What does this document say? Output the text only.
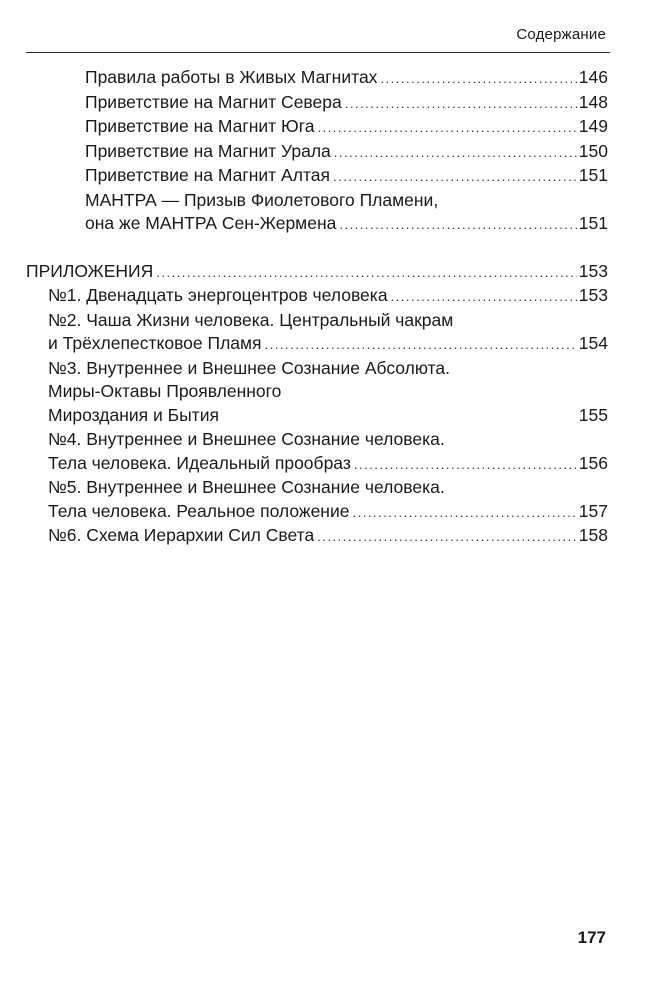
Содержание
Правила работы в Живых Магнитах .....	146
Приветствие на Магнит Севера .....	148
Приветствие на Магнит Юга .....	149
Приветствие на Магнит Урала .....	150
Приветствие на Магнит Алтая .....	151
МАНТРА — Призыв Фиолетового Пламени,
она же МАНТРА Сен-Жермена .....	151
ПРИЛОЖЕНИЯ .....	153
№1. Двенадцать энергоцентров человека .....	153
№2. Чаша Жизни человека. Центральный чакрам
и Трёхлепестковое Пламя .....	154
№3. Внутреннее и Внешнее Сознание Абсолюта.
Миры-Октавы Проявленного
Мироздания и Бытия	155
№4. Внутреннее и Внешнее Сознание человека.
Тела человека. Идеальный прообраз .....	156
№5. Внутреннее и Внешнее Сознание человека.
Тела человека. Реальное положение .....	157
№6. Схема Иерархии Сил Света .....	158
177
